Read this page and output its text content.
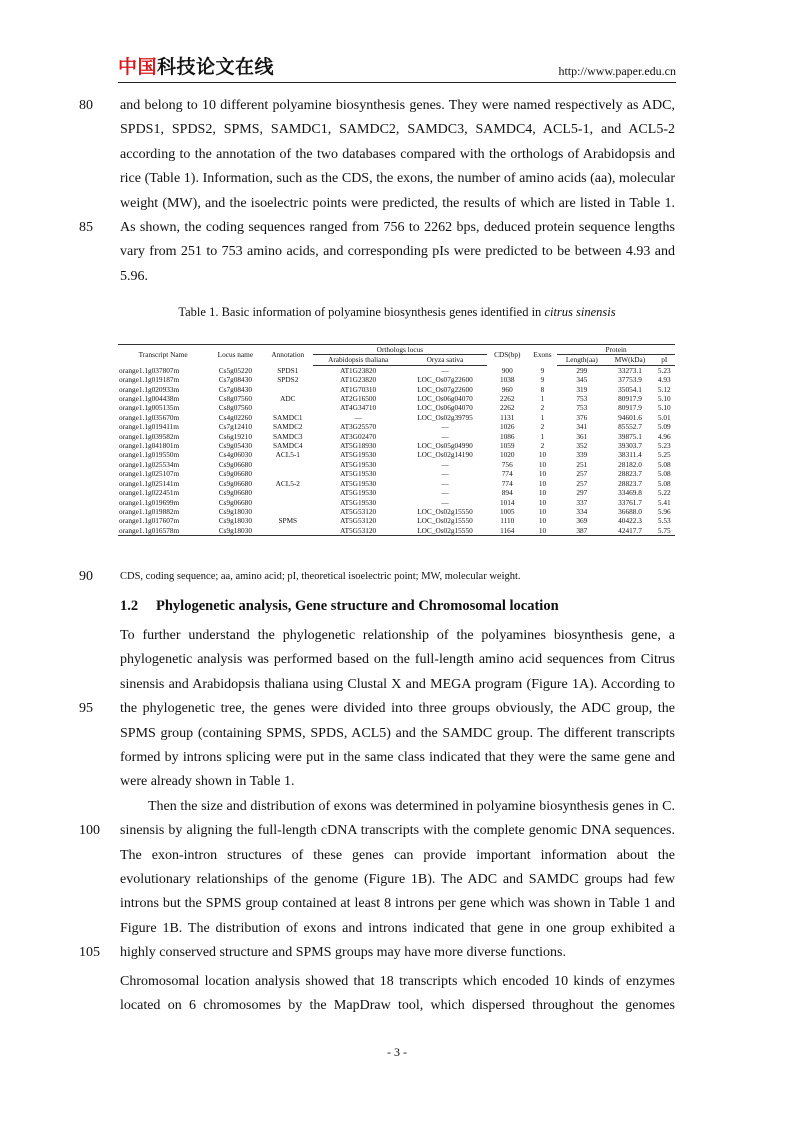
中国科技论文在线	http://www.paper.edu.cn
and belong to 10 different polyamine biosynthesis genes. They were named respectively as ADC,
SPDS1, SPDS2, SPMS, SAMDC1, SAMDC2, SAMDC3, SAMDC4, ACL5-1, and ACL5-2
according to the annotation of the two databases compared with the orthologs of Arabidopsis and
rice (Table 1). Information, such as the CDS, the exons, the number of amino acids (aa), molecular
weight (MW), and the isoelectric points were predicted, the results of which are listed in Table 1.
As shown, the coding sequences ranged from 756 to 2262 bps, deduced protein sequence lengths
vary from 251 to 753 amino acids, and corresponding pIs were predicted to be between 4.93 and
5.96.
80
85
Table 1. Basic information of polyamine biosynthesis genes identified in citrus sinensis
Transcript Name	Locus name	Annotation	Orthologs locus		CDS(bp)	Exons	Protein		
			Arabidopsis thaliana	Oryza sativa			Length(aa)	MW(kDa)	pI
orange1.1g037807m	Cs5g05220	SPDS1	AT1G23820	—	900	9	299	33273.1	5.23
orange1.1g019187m	Cs7g08430	SPDS2	AT1G23820	LOC_Os07g22600	1038	9	345	37753.9	4.93
orange1.1g020933m	Cs7g08430		AT1G70310	LOC_Os07g22600	960	8	319	35054.1	5.12
orange1.1g004438m	Cs8g07560	ADC	AT2G16500	LOC_Os06g04070	2262	1	753	80917.9	5.10
orange1.1g005135m	Cs8g07560		AT4G34710	LOC_Os06g04070	2262	2	753	80917.9	5.10
orange1.1g035670m	Cs4g02260	SAMDC1	—	LOC_Os02g39795	1131	1	376	94601.6	5.01
orange1.1g019411m	Cs7g12410	SAMDC2	AT3G25570	—	1026	2	341	85552.7	5.09
orange1.1g039582m	Cs6g19210	SAMDC3	AT3G02470	—	1086	1	361	39875.1	4.96
orange1.1g041801m	Cs9g05430	SAMDC4	AT5G18930	LOC_Os05g04990	1059	2	352	39303.7	5.23
orange1.1g019550m	Cs4g06030	ACL5-1	AT5G19530	LOC_Os02g14190	1020	10	339	38311.4	5.25
orange1.1g025534m	Cs9g06680		AT5G19530	—	756	10	251	28182.0	5.08
orange1.1g025107m	Cs9g06680		AT5G19530	—	774	10	257	28823.7	5.08
orange1.1g025141m	Cs9g06680	ACL5-2	AT5G19530	—	774	10	257	28823.7	5.08
orange1.1g022451m	Cs9g06680		AT5G19530	—	894	10	297	33469.8	5.22
orange1.1g019699m	Cs9g06680		AT5G19530	—	1014	10	337	33761.7	5.41
orange1.1g019882m	Cs9g18030		AT5G53120	LOC_Os02g15550	1005	10	334	36688.0	5.96
orange1.1g017607m	Cs9g18030	SPMS	AT5G53120	LOC_Os02g15550	1110	10	369	40422.3	5.53
orange1.1g016578m	Cs9g18030		AT5G53120	LOC_Os02g15550	1164	10	387	42417.7	5.75
90	CDS, coding sequence; aa, amino acid; pI, theoretical isoelectric point; MW, molecular weight.
1.2 Phylogenetic analysis, Gene structure and Chromosomal location
To further understand the phylogenetic relationship of the polyamines biosynthesis gene, a
phylogenetic analysis was performed based on the full-length amino acid sequences from Citrus
sinensis and Arabidopsis thaliana using Clustal X and MEGA program (Figure 1A). According to
the phylogenetic tree, the genes were divided into three groups obviously, the ADC group, the
SPMS group (containing SPMS, SPDS, ACL5) and the SAMDC group. The different transcripts
formed by introns splicing were put in the same class indicated that they were the same gene and
were already shown in Table 1.
95
Then the size and distribution of exons was determined in polyamine biosynthesis genes in C.
sinensis by aligning the full-length cDNA transcripts with the complete genomic DNA sequences.
The exon-intron structures of these genes can provide important information about the
evolutionary relationships of the genome (Figure 1B). The ADC and SAMDC groups had few
introns but the SPMS group contained at least 8 introns per gene which was shown in Table 1 and
Figure 1B. The distribution of exons and introns indicated that gene in one group exhibited a
highly conserved structure and SPMS groups may have more diverse functions.
100
105
Chromosomal location analysis showed that 18 transcripts which encoded 10 kinds of enzymes
located on 6 chromosomes by the MapDraw tool, which dispersed throughout the genomes
- 3 -
